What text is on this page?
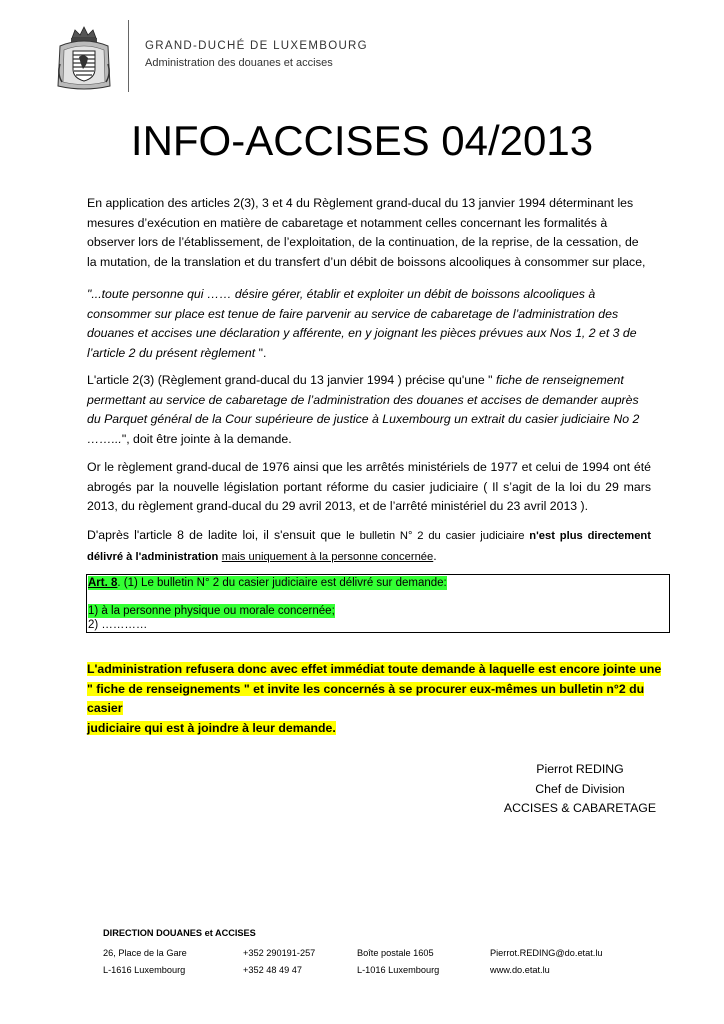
GRAND-DUCHÉ DE LUXEMBOURG
Administration des douanes et accises
INFO-ACCISES 04/2013

En application des articles 2(3), 3 et 4 du Règlement grand-ducal du 13 janvier 1994 déterminant les mesures d’exécution en matière de cabaretage et notamment celles concernant les formalités à observer lors de l’établissement, de l’exploitation, de la continuation, de la reprise, de la cessation, de la mutation, de la translation et du transfert d’un débit de boissons alcooliques à consommer sur place,

"...toute personne qui …… désire gérer, établir et exploiter un débit de boissons alcooliques à consommer sur place est tenue de faire parvenir au service de cabaretage de l’administration des douanes et accises une déclaration y afférente, en y joignant les pièces prévues aux Nos 1, 2 et 3 de l’article 2 du présent règlement ".

L'article 2(3) (Règlement grand-ducal du 13 janvier 1994 ) précise qu'une " fiche de renseignement permettant au service de cabaretage de l’administration des douanes et accises de demander auprès du Parquet général de la Cour supérieure de justice à Luxembourg un extrait du casier judiciaire No 2 ……...", doit être jointe à la demande.

Or le règlement grand-ducal de 1976 ainsi que les arrêtés ministériels de 1977 et celui de 1994 ont été abrogés par la nouvelle législation portant réforme du casier judiciaire ( Il s’agit de la loi du 29 mars 2013, du règlement grand-ducal du 29 avril 2013, et de l’arrêté ministériel du 23 avril 2013 ).

D'après l'article 8 de ladite loi, il s'ensuit que le bulletin N° 2 du casier judiciaire n'est plus directement délivré à l'administration mais uniquement à la personne concernée.

Art. 8. (1) Le bulletin N° 2 du casier judiciaire est délivré sur demande:
1) à la personne physique ou morale concernée;
2) …………
L'administration refusera donc avec effet immédiat toute demande à laquelle est encore jointe une
" fiche de renseignements " et invite les concernés à se procurer eux-mêmes un bulletin n°2 du casier
judiciaire qui est à joindre à leur demande.
Pierrot REDING
Chef de Division
ACCISES & CABARETAGE
DIRECTION DOUANES et ACCISES
26, Place de la Gare
L-1616 Luxembourg
+352 290191-257
+352 48 49 47
Boîte postale 1605
L-1016 Luxembourg
Pierrot.REDING@do.etat.lu
www.do.etat.lu
